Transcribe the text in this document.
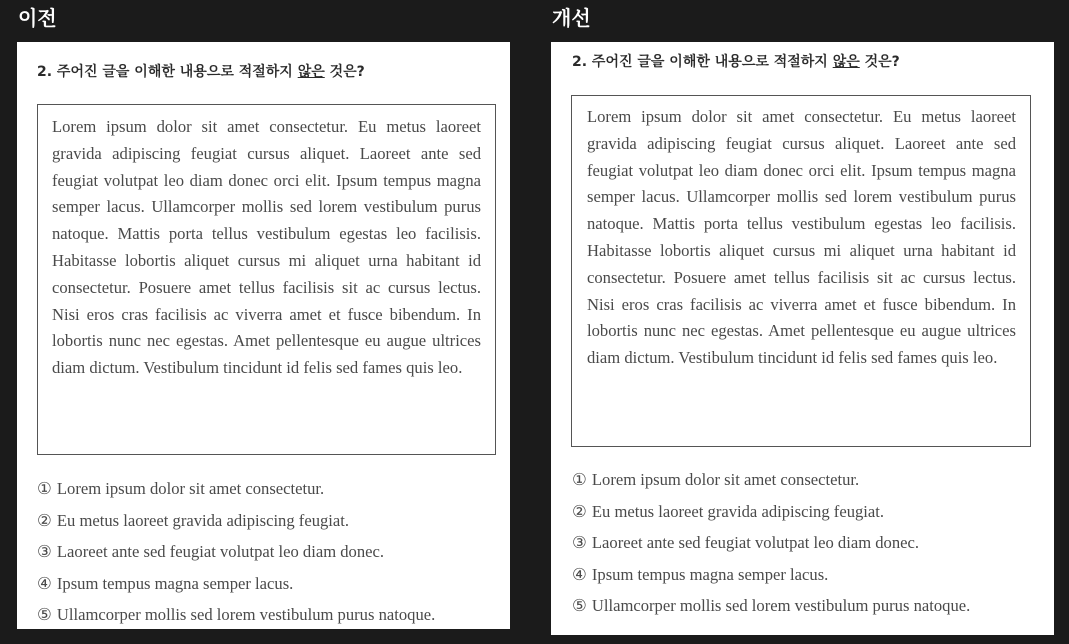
이전	개선
2. 주어진 글을 이해한 내용으로 적절하지 않은 것은?
Lorem ipsum dolor sit amet consectetur. Eu metus laoreet gravida adipiscing feugiat cursus aliquet. Laoreet ante sed feugiat volutpat leo diam donec orci elit. Ipsum tempus magna semper lacus. Ullamcorper mollis sed lorem vestibulum purus natoque. Mattis porta tellus vestibulum egestas leo facilisis. Habitasse lobortis aliquet cursus mi aliquet urna habitant id consectetur. Posuere amet tellus facilisis sit ac cursus lectus. Nisi eros cras facilisis ac viverra amet et fusce bibendum. In lobortis nunc nec egestas. Amet pellentesque eu augue ultrices diam dictum. Vestibulum tincidunt id felis sed fames quis leo.
① Lorem ipsum dolor sit amet consectetur.
② Eu metus laoreet gravida adipiscing feugiat.
③ Laoreet ante sed feugiat volutpat leo diam donec.
④ Ipsum tempus magna semper lacus.
⑤ Ullamcorper mollis sed lorem vestibulum purus natoque.
2. 주어진 글을 이해한 내용으로 적절하지 않은 것은?
Lorem ipsum dolor sit amet consectetur. Eu metus laoreet gravida adipiscing feugiat cursus aliquet. Laoreet ante sed feugiat volutpat leo diam donec orci elit. Ipsum tempus magna semper lacus. Ullamcorper mollis sed lorem vestibulum purus natoque. Mattis porta tellus vestibulum egestas leo facilisis. Habitasse lobortis aliquet cursus mi aliquet urna habitant id consectetur. Posuere amet tellus facilisis sit ac cursus lectus. Nisi eros cras facilisis ac viverra amet et fusce bibendum. In lobortis nunc nec egestas. Amet pellentesque eu augue ultrices diam dictum. Vestibulum tincidunt id felis sed fames quis leo.
① Lorem ipsum dolor sit amet consectetur.
② Eu metus laoreet gravida adipiscing feugiat.
③ Laoreet ante sed feugiat volutpat leo diam donec.
④ Ipsum tempus magna semper lacus.
⑤ Ullamcorper mollis sed lorem vestibulum purus natoque.
